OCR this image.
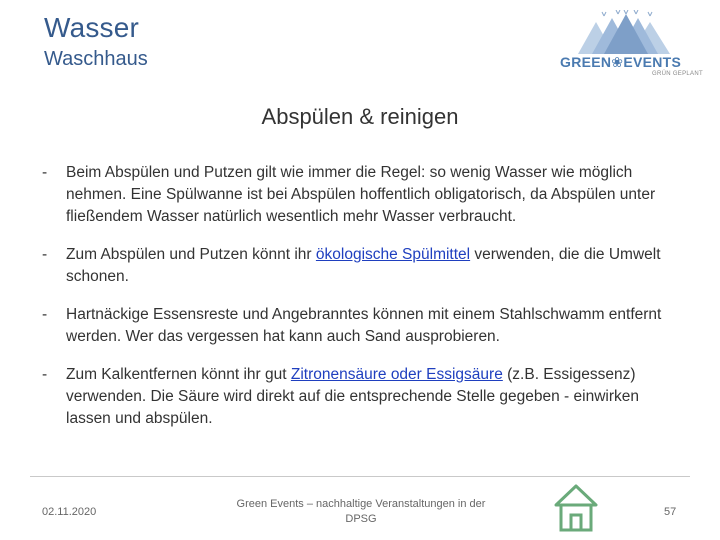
Wasser
Waschhaus	GREEN❀EVENTS
GRÜN GEPLANT
Abspülen & reinigen
- Beim Abspülen und Putzen gilt wie immer die Regel: so wenig Wasser wie möglich nehmen. Eine Spülwanne ist bei Abspülen hoffentlich obligatorisch, da Abspülen unter fließendem Wasser natürlich wesentlich mehr Wasser verbraucht.
- Zum Abspülen und Putzen könnt ihr ökologische Spülmittel verwenden, die die Umwelt schonen.
- Hartnäckige Essensreste und Angebranntes können mit einem Stahlschwamm entfernt werden. Wer das vergessen hat kann auch Sand ausprobieren.
- Zum Kalkentfernen könnt ihr gut Zitronensäure oder Essigsäure (z.B. Essigessenz) verwenden. Die Säure wird direkt auf die entsprechende Stelle gegeben - einwirken lassen und abspülen.
02.11.2020
Green Events – nachhaltige Veranstaltungen in der DPSG
57
